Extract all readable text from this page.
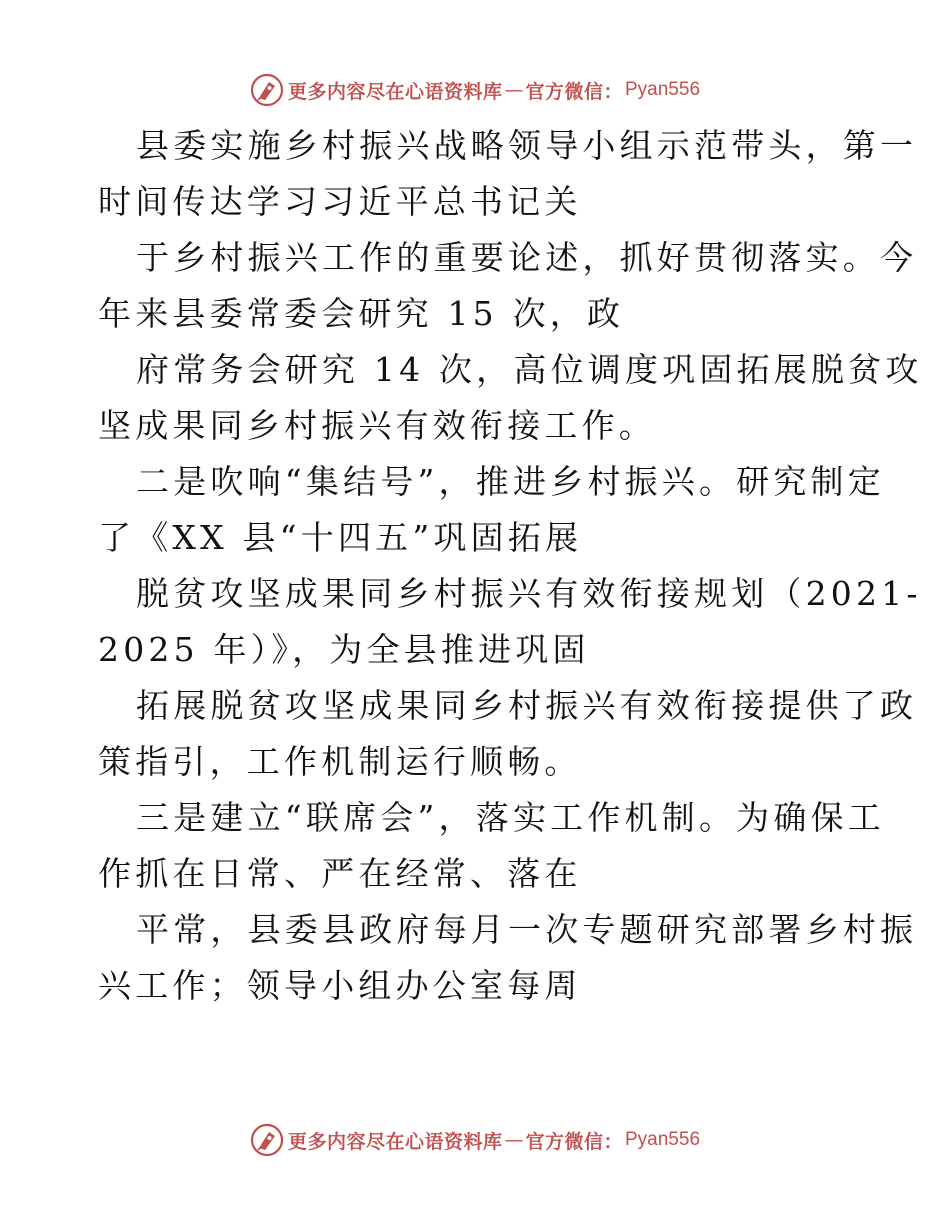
更多内容尽在心语资料库 — 官方微信： Pyan556
县委实施乡村振兴战略领导小组示范带头，第一
时间传达学习习近平总书记关
于乡村振兴工作的重要论述，抓好贯彻落实。今
年来县委常委会研究 15 次，政
府常务会研究 14 次，高位调度巩固拓展脱贫攻
坚成果同乡村振兴有效衔接工作。
二是吹响“集结号”，推进乡村振兴。研究制定
了《XX 县“十四五”巩固拓展
脱贫攻坚成果同乡村振兴有效衔接规划（2021-
2025 年）》，为全县推进巩固
拓展脱贫攻坚成果同乡村振兴有效衔接提供了政
策指引，工作机制运行顺畅。
三是建立“联席会”，落实工作机制。为确保工
作抓在日常、严在经常、落在
平常，县委县政府每月一次专题研究部署乡村振
兴工作；领导小组办公室每周
更多内容尽在心语资料库 — 官方微信： Pyan556
